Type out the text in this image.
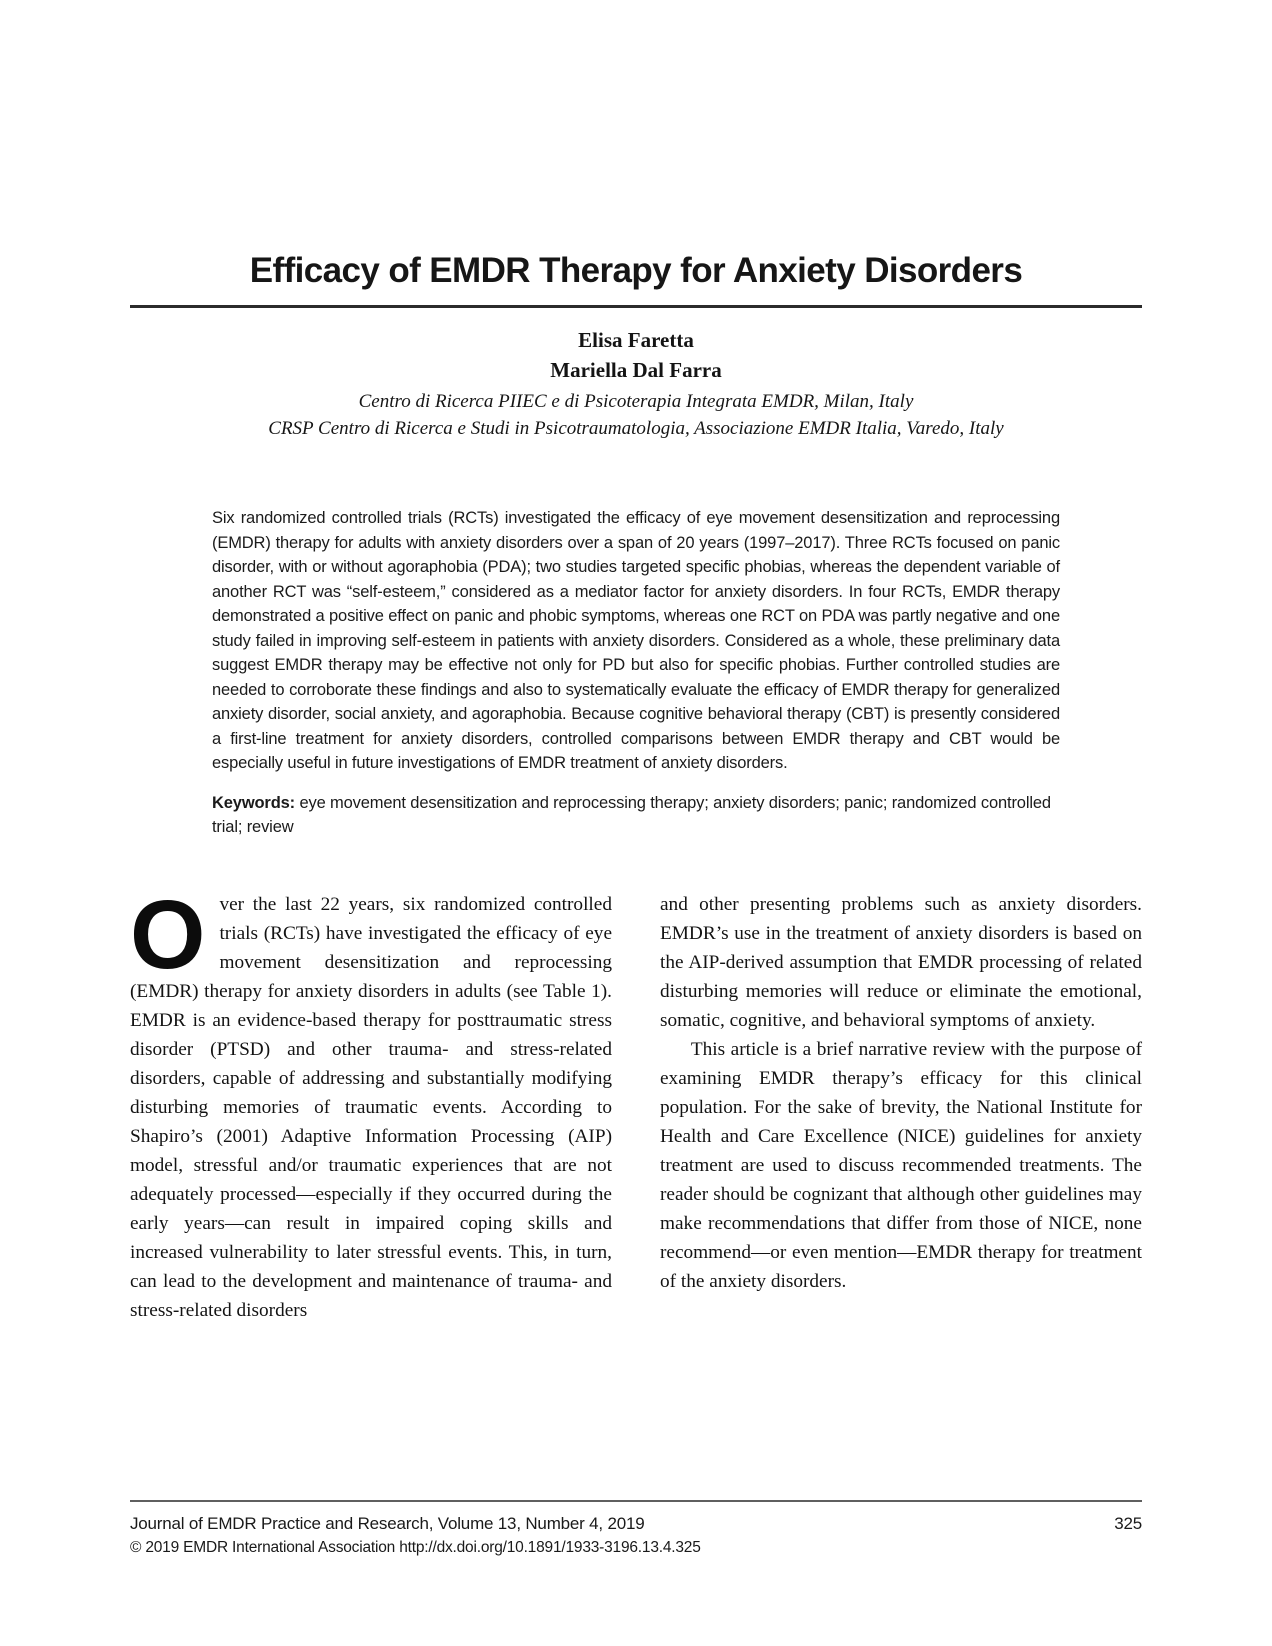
Efficacy of EMDR Therapy for Anxiety Disorders
Elisa Faretta
Mariella Dal Farra
Centro di Ricerca PIIEC e di Psicoterapia Integrata EMDR, Milan, Italy
CRSP Centro di Ricerca e Studi in Psicotraumatologia, Associazione EMDR Italia, Varedo, Italy

Six randomized controlled trials (RCTs) investigated the efficacy of eye movement desensitization and reprocessing (EMDR) therapy for adults with anxiety disorders over a span of 20 years (1997–2017). Three RCTs focused on panic disorder, with or without agoraphobia (PDA); two studies targeted specific phobias, whereas the dependent variable of another RCT was “self-esteem,” considered as a mediator factor for anxiety disorders. In four RCTs, EMDR therapy demonstrated a positive effect on panic and phobic symptoms, whereas one RCT on PDA was partly negative and one study failed in improving self-esteem in patients with anxiety disorders. Considered as a whole, these preliminary data suggest EMDR therapy may be effective not only for PD but also for specific phobias. Further controlled studies are needed to corroborate these findings and also to systematically evaluate the efficacy of EMDR therapy for generalized anxiety disorder, social anxiety, and agoraphobia. Because cognitive behavioral therapy (CBT) is presently considered a first-line treatment for anxiety disorders, controlled comparisons between EMDR therapy and CBT would be especially useful in future investigations of EMDR treatment of anxiety disorders.

Keywords: eye movement desensitization and reprocessing therapy; anxiety disorders; panic; randomized controlled trial; review

Over the last 22 years, six randomized controlled trials (RCTs) have investigated the efficacy of eye movement desensitization and reprocessing (EMDR) therapy for anxiety disorders in adults (see Table 1). EMDR is an evidence-based therapy for posttraumatic stress disorder (PTSD) and other trauma- and stress-related disorders, capable of addressing and substantially modifying disturbing memories of traumatic events. According to Shapiro’s (2001) Adaptive Information Processing (AIP) model, stressful and/or traumatic experiences that are not adequately processed—especially if they occurred during the early years—can result in impaired coping skills and increased vulnerability to later stressful events. This, in turn, can lead to the development and maintenance of trauma- and stress-related disorders

and other presenting problems such as anxiety disorders. EMDR’s use in the treatment of anxiety disorders is based on the AIP-derived assumption that EMDR processing of related disturbing memories will reduce or eliminate the emotional, somatic, cognitive, and behavioral symptoms of anxiety.

This article is a brief narrative review with the purpose of examining EMDR therapy’s efficacy for this clinical population. For the sake of brevity, the National Institute for Health and Care Excellence (NICE) guidelines for anxiety treatment are used to discuss recommended treatments. The reader should be cognizant that although other guidelines may make recommendations that differ from those of NICE, none recommend—or even mention—EMDR therapy for treatment of the anxiety disorders.

Journal of EMDR Practice and Research, Volume 13, Number 4, 2019	325
© 2019 EMDR International Association http://dx.doi.org/10.1891/1933-3196.13.4.325
